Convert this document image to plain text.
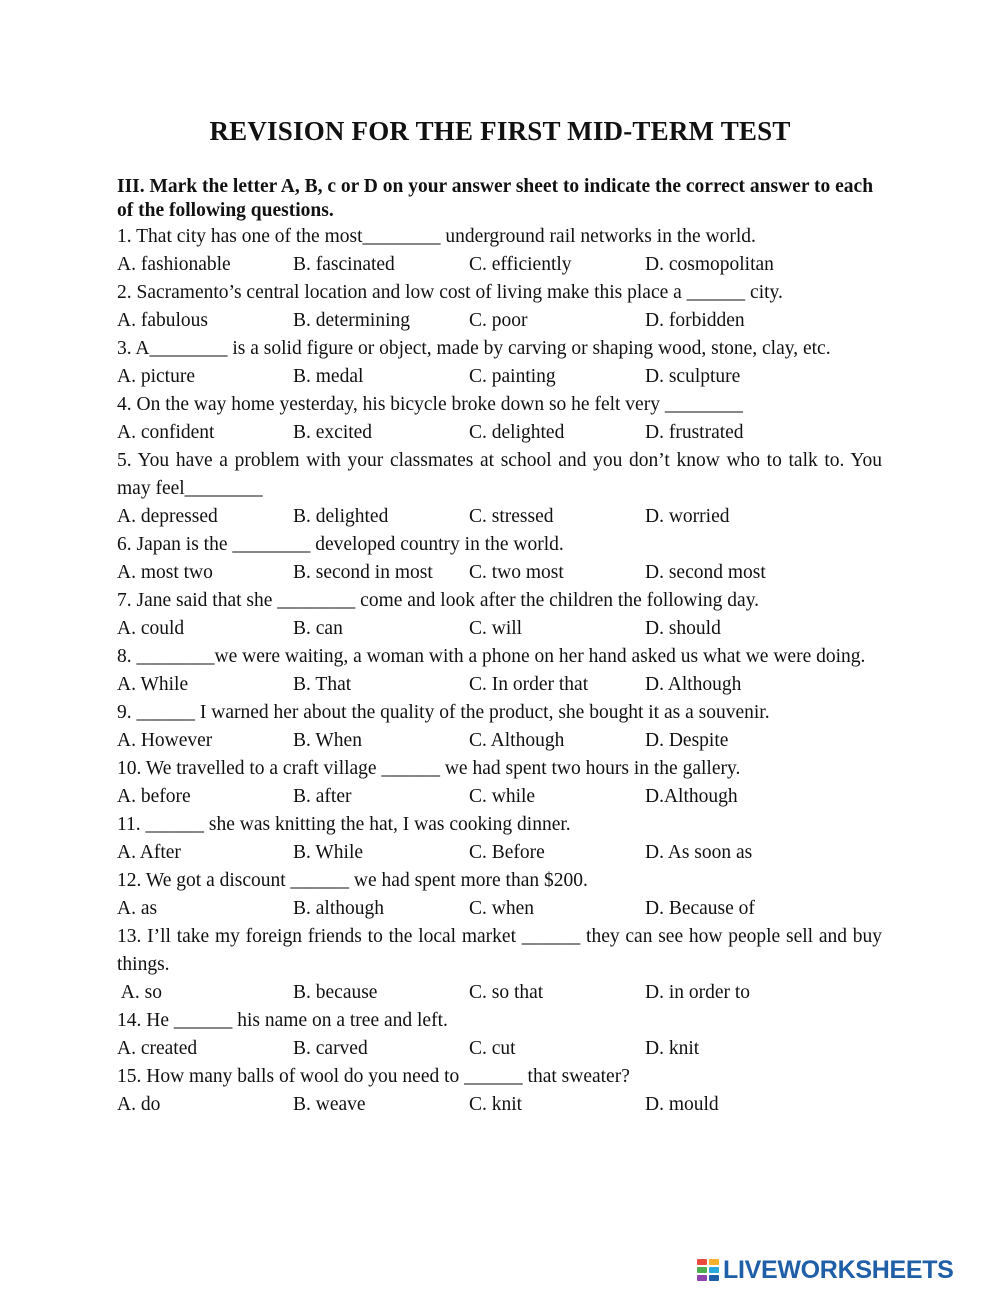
REVISION FOR THE FIRST MID-TERM TEST
III. Mark the letter A, B, c or D on your answer sheet to indicate the correct answer to each of the following questions.
1. That city has one of the most________ underground rail networks in the world.
A. fashionable	B. fascinated	C. efficiently	D. cosmopolitan
2. Sacramento’s central location and low cost of living make this place a ______ city.
A. fabulous	B. determining	C. poor	D. forbidden
3. A________ is a solid figure or object, made by carving or shaping wood, stone, clay, etc.
A. picture	B. medal	C. painting	D. sculpture
4. On the way home yesterday, his bicycle broke down so he felt very ________
A. confident	B. excited	C. delighted	D. frustrated
5. You have a problem with your classmates at school and you don’t know who to talk to. You may feel________
A. depressed	B. delighted	C. stressed	D. worried
6. Japan is the ________ developed country in the world.
A. most two	B. second in most	C. two most	D. second most
7. Jane said that she ________ come and look after the children the following day.
A. could	B. can	C. will	D. should
8. ________we were waiting, a woman with a phone on her hand asked us what we were doing.
A. While	B. That	C. In order that	D. Although
9. ______ I warned her about the quality of the product, she bought it as a souvenir.
A. However	B. When	C. Although	D. Despite
10. We travelled to a craft village ______ we had spent two hours in the gallery.
A. before	B. after	C. while	D.Although
11. ______ she was knitting the hat, I was cooking dinner.
A. After	B. While	C. Before	D. As soon as
12. We got a discount ______ we had spent more than $200.
A. as	B. although	C. when	D. Because of
13. I’ll take my foreign friends to the local market ______ they can see how people sell and buy things.
A. so	B. because	C. so that	D. in order to
14. He ______ his name on a tree and left.
A. created	B. carved	C. cut	D. knit
15. How many balls of wool do you need to ______ that sweater?
A. do	B. weave	C. knit	D. mould
LIVEWORKSHEETS
